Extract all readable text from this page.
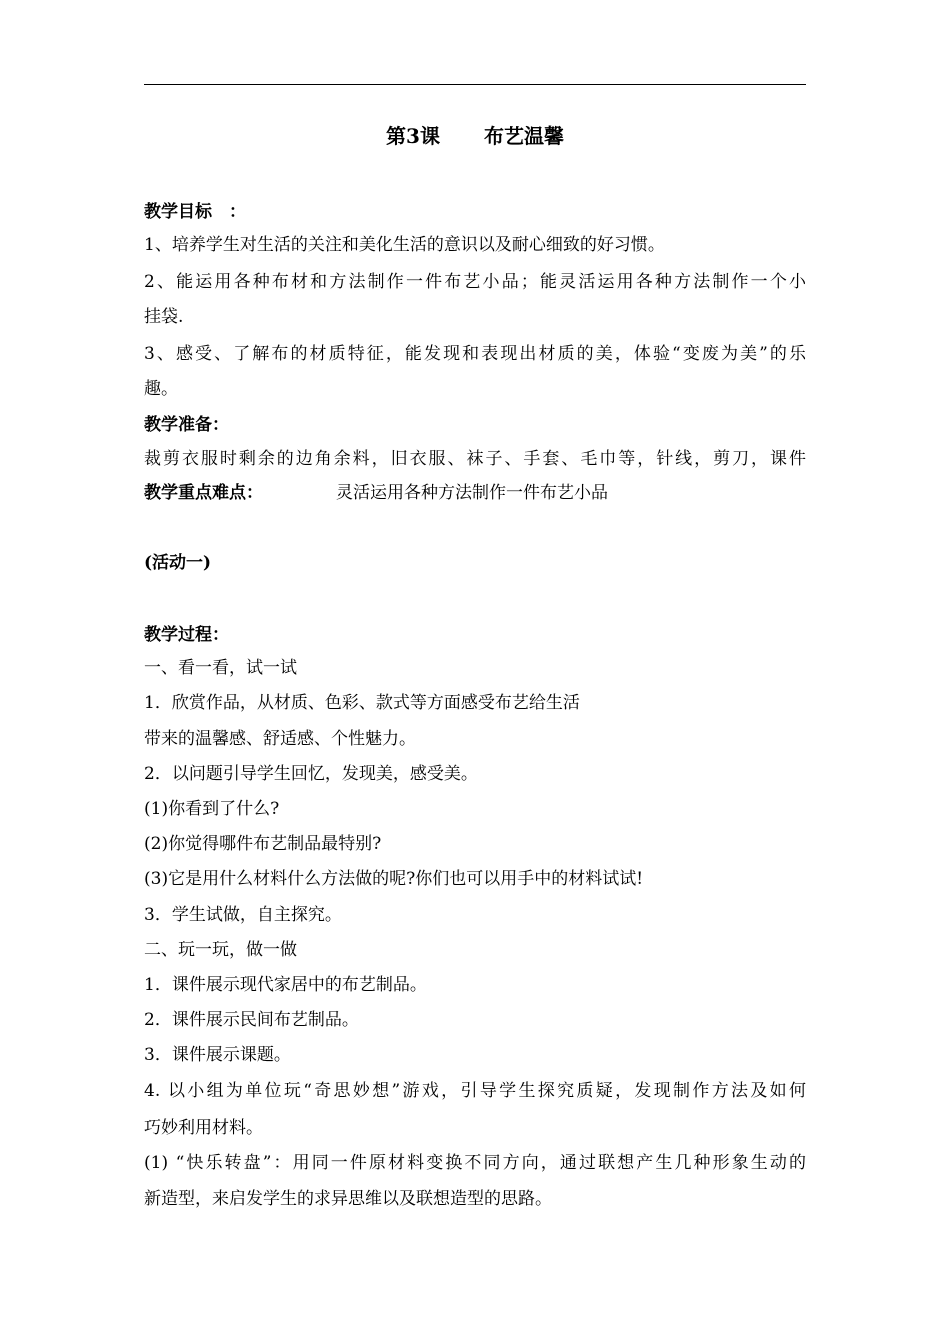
第3课 布艺温馨
教学目标　：
1、培养学生对生活的关注和美化生活的意识以及耐心细致的好习惯。
2、能运用各种布材和方法制作一件布艺小品；能灵活运用各种方法制作一个小
挂袋.
3、感受、了解布的材质特征，能发现和表现出材质的美，体验“变废为美”的乐
趣。
教学准备：
裁剪衣服时剩余的边角余料，旧衣服、袜子、手套、毛巾等，针线，剪刀，课件
教学重点难点：	灵活运用各种方法制作一件布艺小品
(活动一)
教学过程：
一、看一看，试一试
1．欣赏作品，从材质、色彩、款式等方面感受布艺给生活
带来的温馨感、舒适感、个性魅力。
2．以问题引导学生回忆，发现美，感受美。
(1)你看到了什么?
(2)你觉得哪件布艺制品最特别?
(3)它是用什么材料什么方法做的呢?你们也可以用手中的材料试试!
3．学生试做，自主探究。
二、玩一玩，做一做
1．课件展示现代家居中的布艺制品。
2．课件展示民间布艺制品。
3．课件展示课题。
4. 以小组为单位玩“奇思妙想”游戏，引导学生探究质疑，发现制作方法及如何
巧妙利用材料。
(1) “快乐转盘”：用同一件原材料变换不同方向，通过联想产生几种形象生动的
新造型，来启发学生的求异思维以及联想造型的思路。
